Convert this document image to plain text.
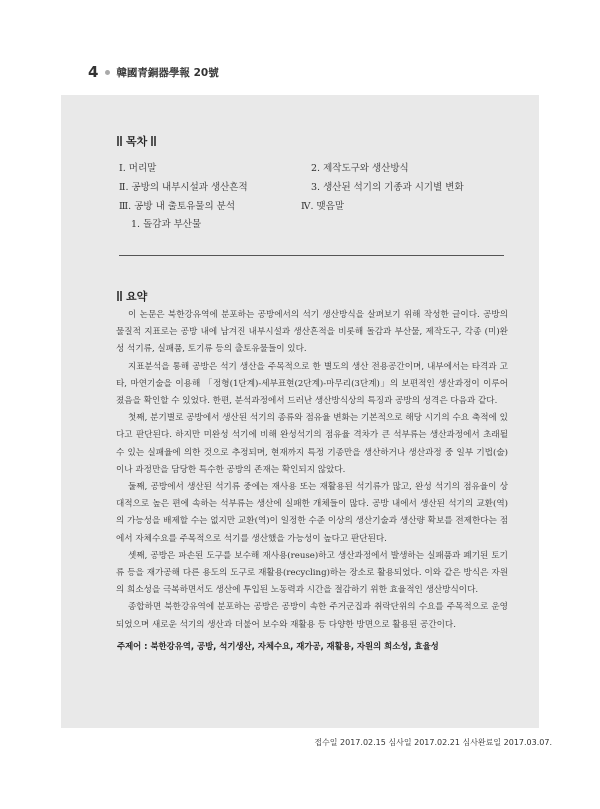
4 韓國青銅器學報 20號
목차
Ⅰ. 머리말
Ⅱ. 공방의 내부시설과 생산흔적
Ⅲ. 공방 내 출토유물의 분석
1. 돌감과 부산물
2. 제작도구와 생산방식
3. 생산된 석기의 기종과 시기별 변화
Ⅳ. 맺음말
요약

이 논문은 북한강유역에 분포하는 공방에서의 석기 생산방식을 살펴보기 위해 작성한 글이다. 공방의 물질적 지표로는 공방 내에 남겨진 내부시설과 생산흔적을 비롯해 돌감과 부산물, 제작도구, 각종 (미)완성 석기류, 실패품, 토기류 등의 출토유물들이 있다.

지표분석을 통해 공방은 석기 생산을 주목적으로 한 별도의 생산 전용공간이며, 내부에서는 타격과 고타, 마연기술을 이용해 「정형(1단계)-세부표현(2단계)-마무리(3단계)」의 보편적인 생산과정이 이루어졌음을 확인할 수 있었다. 한편, 분석과정에서 드러난 생산방식상의 특징과 공방의 성격은 다음과 같다.

첫째, 분기별로 공방에서 생산된 석기의 종류와 점유율 변화는 기본적으로 해당 시기의 수요 축적에 있다고 판단된다. 하지만 미완성 석기에 비해 완성석기의 점유율 격차가 큰 석부류는 생산과정에서 초래될 수 있는 실패율에 의한 것으로 추정되며, 현재까지 특정 기종만을 생산하거나 생산과정 중 일부 기법(술)이나 과정만을 담당한 특수한 공방의 존재는 확인되지 않았다.

둘째, 공방에서 생산된 석기류 중에는 재사용 또는 재활용된 석기류가 많고, 완성 석기의 점유율이 상대적으로 높은 편에 속하는 석부류는 생산에 실패한 개체들이 많다. 공방 내에서 생산된 석기의 교환(역)의 가능성을 배제할 수는 없지만 교환(역)이 일정한 수준 이상의 생산기술과 생산량 확보를 전제한다는 점에서 자체수요를 주목적으로 석기를 생산했을 가능성이 높다고 판단된다.

셋째, 공방은 파손된 도구를 보수해 재사용(reuse)하고 생산과정에서 발생하는 실패품과 폐기된 토기류 등을 재가공해 다른 용도의 도구로 재활용(recycling)하는 장소로 활용되었다. 이와 같은 방식은 자원의 희소성을 극복하면서도 생산에 투입된 노동력과 시간을 절감하기 위한 효율적인 생산방식이다.

종합하면 북한강유역에 분포하는 공방은 공방이 속한 주거군집과 취락단위의 수요를 주목적으로 운영되었으며 새로운 석기의 생산과 더불어 보수와 재활용 등 다양한 방면으로 활용된 공간이다.

주제어 : 북한강유역, 공방, 석기생산, 자체수요, 재가공, 재활용, 자원의 희소성, 효율성
접수일 2017.02.15 심사일 2017.02.21 심사완료일 2017.03.07.
